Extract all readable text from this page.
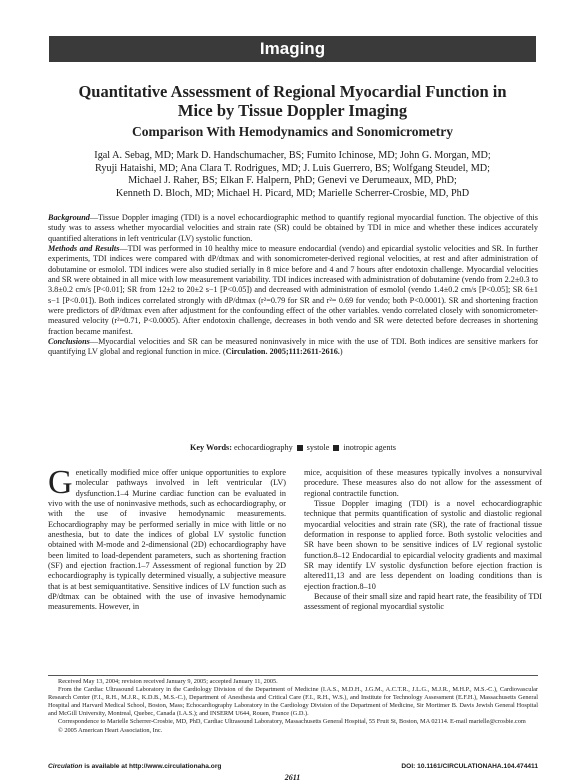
Imaging
Quantitative Assessment of Regional Myocardial Function in
Mice by Tissue Doppler Imaging
Comparison With Hemodynamics and Sonomicrometry
Igal A. Sebag, MD; Mark D. Handschumacher, BS; Fumito Ichinose, MD; John G. Morgan, MD;
Ryuji Hataishi, MD; Ana Clara T. Rodrigues, MD; J. Luis Guerrero, BS; Wolfgang Steudel, MD;
Michael J. Raher, BS; Elkan F. Halpern, PhD; Genevi ve Derumeaux, MD, PhD;
Kenneth D. Bloch, MD; Michael H. Picard, MD; Marielle Scherrer-Crosbie, MD, PhD

Background—Tissue Doppler imaging (TDI) is a novel echocardiographic method to quantify regional myocardial function. The objective of this study was to assess whether myocardial velocities and strain rate (SR) could be obtained by TDI in mice and whether these indices accurately quantified alterations in left ventricular (LV) systolic function.

Methods and Results—TDI was performed in 10 healthy mice to measure endocardial (vendo) and epicardial systolic velocities and SR. In further experiments, TDI indices were compared with dP/dtmax and with sonomicrometer-derived regional velocities, at rest and after administration of dobutamine or esmolol. TDI indices were also studied serially in 8 mice before and 4 and 7 hours after endotoxin challenge. Myocardial velocities and SR were obtained in all mice with low measurement variability. TDI indices increased with administration of dobutamine (vendo from 2.2±0.3 to 3.8±0.2 cm/s [P<0.01]; SR from 12±2 to 20±2 s−1 [P<0.05]) and decreased with administration of esmolol (vendo 1.4±0.2 cm/s [P<0.05]; SR 6±1 s−1 [P<0.01]). Both indices correlated strongly with dP/dtmax (r²=0.79 for SR and r²= 0.69 for vendo; both P<0.0001). SR and shortening fraction were predictors of dP/dtmax even after adjustment for the confounding effect of the other variables. vendo correlated closely with sonomicrometer-measured velocity (r²=0.71, P<0.0005). After endotoxin challenge, decreases in both vendo and SR were detected before decreases in shortening fraction became manifest.

Conclusions—Myocardial velocities and SR can be measured noninvasively in mice with the use of TDI. Both indices are sensitive markers for quantifying LV global and regional function in mice. (Circulation. 2005;111:2611-2616.)

Key Words: echocardiography systole inotropic agents

Genetically modified mice offer unique opportunities to explore molecular pathways involved in left ventricular (LV) dysfunction.1–4 Murine cardiac function can be evaluated in vivo with the use of noninvasive methods, such as echocardiography, or with the use of invasive hemodynamic measurements. Echocardiography may be performed serially in mice with little or no anesthesia, but to date the indices of global LV systolic function obtained with M-mode and 2-dimensional (2D) echocardiography have been limited to load-dependent parameters, such as shortening fraction (SF) and ejection fraction.1–7 Assessment of regional function by 2D echocardiography is typically determined visually, a subjective measure that is at best semiquantitative. Sensitive indices of LV function such as dP/dtmax can be obtained with the use of invasive hemodynamic measurements. However, in

mice, acquisition of these measures typically involves a nonsurvival procedure. These measures also do not allow for the assessment of regional contractile function.

Tissue Doppler imaging (TDI) is a novel echocardiographic technique that permits quantification of systolic and diastolic regional myocardial velocities and strain rate (SR), the rate of fractional tissue deformation in response to applied force. Both systolic velocities and SR have been shown to be sensitive indices of LV regional systolic function.8–12 Endocardial to epicardial velocity gradients and maximal SR may identify LV systolic dysfunction before ejection fraction is altered11,13 and are less dependent on loading conditions than is ejection fraction.8–10

Because of their small size and rapid heart rate, the feasibility of TDI assessment of regional myocardial systolic

Received May 13, 2004; revision received January 9, 2005; accepted January 11, 2005.

From the Cardiac Ultrasound Laboratory in the Cardiology Division of the Department of Medicine (I.A.S., M.D.H., J.G.M., A.C.T.R., J.L.G., M.J.R., M.H.P., M.S.-C.), Cardiovascular Research Center (F.I., R.H., M.J.R., K.D.B., M.S.-C.), Department of Anesthesia and Critical Care (F.I., R.H., W.S.), and Institute for Technology Assessment (E.F.H.), Massachusetts General Hospital and Harvard Medical School, Boston, Mass; Echocardiography Laboratory in the Cardiology Division of the Department of Medicine, Sir Mortimer B. Davis Jewish General Hospital and McGill University, Montreal, Quebec, Canada (I.A.S.); and INSERM U644, Rouen, France (G.D.).

Correspondence to Marielle Scherrer-Crosbie, MD, PhD, Cardiac Ultrasound Laboratory, Massachusetts General Hospital, 55 Fruit St, Boston, MA 02114. E-mail marielle@crosbie.com

© 2005 American Heart Association, Inc.

Circulation is available at http://www.circulationaha.org	DOI: 10.1161/CIRCULATIONAHA.104.474411
2611
